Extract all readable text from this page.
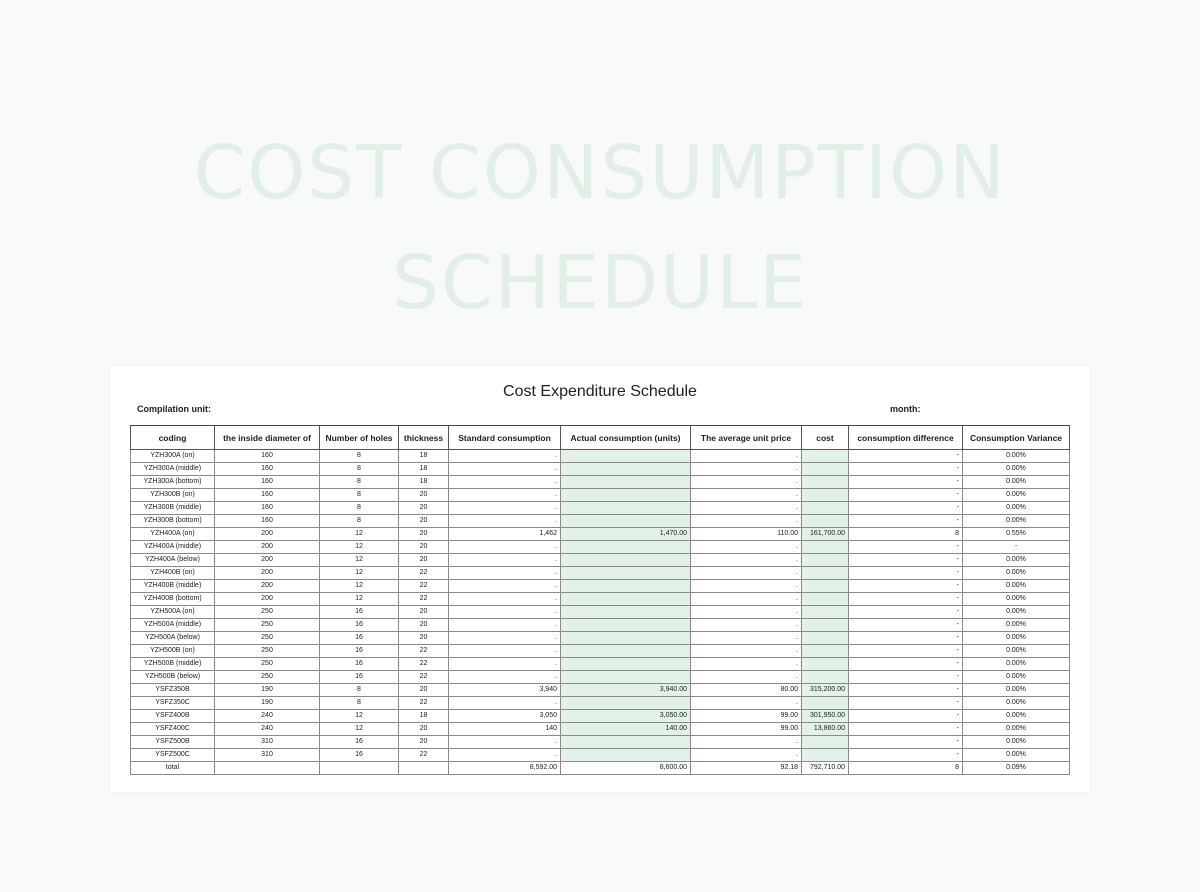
COST CONSUMPTION
SCHEDULE
Cost Expenditure Schedule
Compilation unit:	month:
coding	the inside diameter of	Number of holes	thickness	Standard consumption	Actual consumption (units)	The average unit price	cost	consumption difference	Consumption Variance
YZH300A (on)	160	8	18	.		.		-	0.00%
YZH300A (middle)	160	8	18	.		.		-	0.00%
YZH300A (bottom)	160	8	18	.		.		-	0.00%
YZH300B (on)	160	8	20	.		.		-	0.00%
YZH300B (middle)	160	8	20	.		.		-	0.00%
YZH300B (bottom)	160	8	20	.		.		-	0.00%
YZH400A (on)	200	12	20	1,462	1,470.00	110.00	161,700.00	8	0.55%
YZH400A (middle)	200	12	20	.		.		-	-
YZH400A (below)	200	12	20	.		.		-	0.00%
YZH400B (on)	200	12	22	.		.		-	0.00%
YZH400B (middle)	200	12	22	.		.		-	0.00%
YZH400B (bottom)	200	12	22	.		.		-	0.00%
YZH500A (on)	250	16	20	.		.		-	0.00%
YZH500A (middle)	250	16	20	.		.		-	0.00%
YZH500A (below)	250	16	20	.		.		-	0.00%
YZH500B (on)	250	16	22	.		.		-	0.00%
YZH500B (middle)	250	16	22	.		.		-	0.00%
YZH500B (below)	250	16	22	.		.		-	0.00%
YSFZ350B	190	8	20	3,940	3,940.00	80.00	315,200.00	-	0.00%
YSFZ350C	190	8	22	.		.		-	0.00%
YSFZ400B	240	12	18	3,050	3,050.00	99.00	301,950.00	-	0.00%
YSFZ400C	240	12	20	140	140.00	99.00	13,860.00	-	0.00%
YSFZ500B	310	16	20	.		.		-	0.00%
YSFZ500C	310	16	22	.		.		-	0.00%
total				8,592.00	8,600.00	92.18	792,710.00	8	0.09%
